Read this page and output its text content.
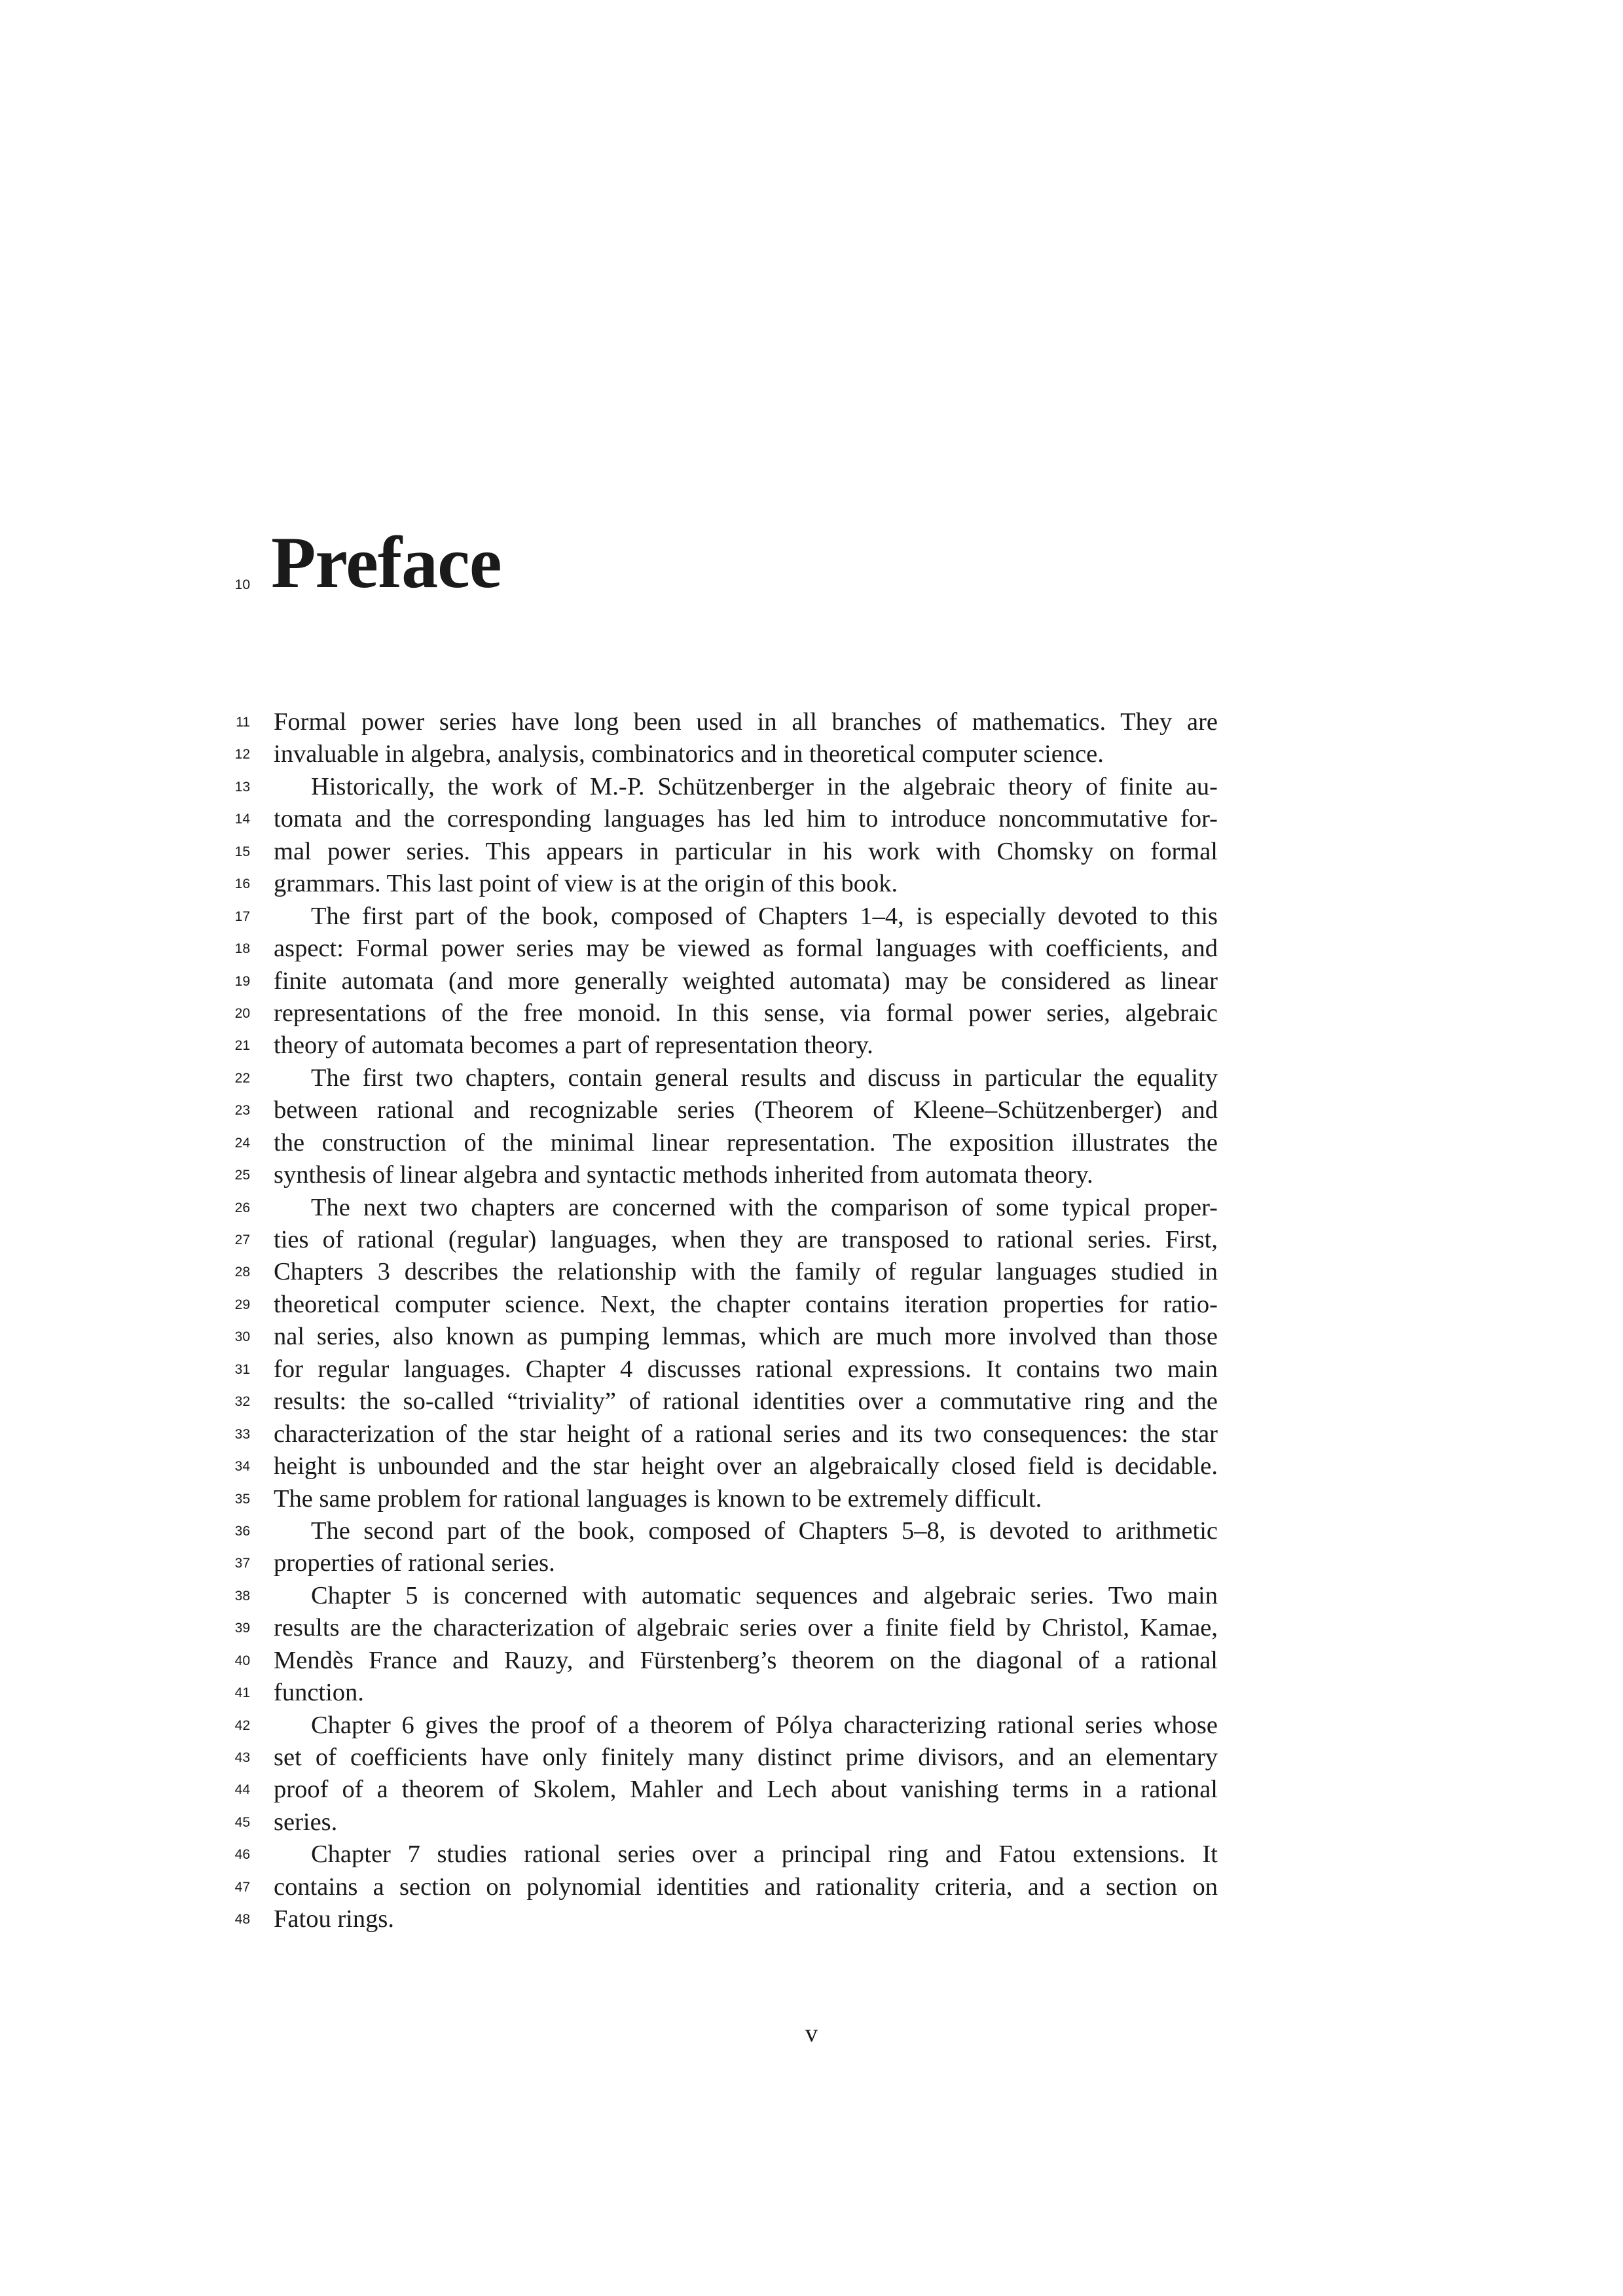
10 Preface
11 Formal power series have long been used in all branches of mathematics. They are
12 invaluable in algebra, analysis, combinatorics and in theoretical computer science.
13 Historically, the work of M.-P. Schützenberger in the algebraic theory of finite au-
14 tomata and the corresponding languages has led him to introduce noncommutative for-
15 mal power series. This appears in particular in his work with Chomsky on formal
16 grammars. This last point of view is at the origin of this book.
17 The first part of the book, composed of Chapters 1–4, is especially devoted to this
18 aspect: Formal power series may be viewed as formal languages with coefficients, and
19 finite automata (and more generally weighted automata) may be considered as linear
20 representations of the free monoid. In this sense, via formal power series, algebraic
21 theory of automata becomes a part of representation theory.
22 The first two chapters, contain general results and discuss in particular the equality
23 between rational and recognizable series (Theorem of Kleene–Schützenberger) and
24 the construction of the minimal linear representation. The exposition illustrates the
25 synthesis of linear algebra and syntactic methods inherited from automata theory.
26 The next two chapters are concerned with the comparison of some typical proper-
27 ties of rational (regular) languages, when they are transposed to rational series. First,
28 Chapters 3 describes the relationship with the family of regular languages studied in
29 theoretical computer science. Next, the chapter contains iteration properties for ratio-
30 nal series, also known as pumping lemmas, which are much more involved than those
31 for regular languages. Chapter 4 discusses rational expressions. It contains two main
32 results: the so-called “triviality” of rational identities over a commutative ring and the
33 characterization of the star height of a rational series and its two consequences: the star
34 height is unbounded and the star height over an algebraically closed field is decidable.
35 The same problem for rational languages is known to be extremely difficult.
36 The second part of the book, composed of Chapters 5–8, is devoted to arithmetic
37 properties of rational series.
38 Chapter 5 is concerned with automatic sequences and algebraic series. Two main
39 results are the characterization of algebraic series over a finite field by Christol, Kamae,
40 Mendès France and Rauzy, and Fürstenberg’s theorem on the diagonal of a rational
41 function.
42 Chapter 6 gives the proof of a theorem of Pólya characterizing rational series whose
43 set of coefficients have only finitely many distinct prime divisors, and an elementary
44 proof of a theorem of Skolem, Mahler and Lech about vanishing terms in a rational
45 series.
46 Chapter 7 studies rational series over a principal ring and Fatou extensions. It
47 contains a section on polynomial identities and rationality criteria, and a section on
48 Fatou rings.
v
